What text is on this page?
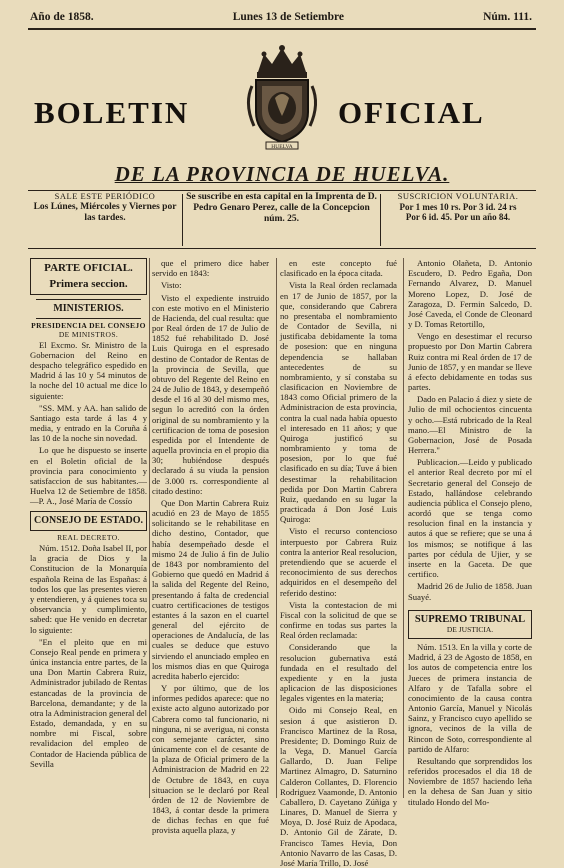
Año de 1858.	Lunes 13 de Setiembre	Núm. 111.
BOLETIN	OFICIAL
HUELVA
DE LA PROVINCIA DE HUELVA.
SALE ESTE PERIÓDICO
Los Lúnes, Miércoles y Viernes por las tardes.
Se suscribe en esta capital en la Imprenta de D. Pedro Genaro Perez, calle de la Concepcion núm. 25.
SUSCRICION VOLUNTARIA.
Por 1 mes 10 rs. Por 3 id. 24 rs
Por 6 id. 45. Por un año 84.
PARTE OFICIAL.
Primera seccion.
MINISTERIOS.
PRESIDENCIA DEL CONSEJO
DE MINISTROS.

El Excmo. Sr. Ministro de la Gobernacion del Reino en despacho telegráfico espedido en Madrid á las 10 y 54 minutos de la noche del 10 actual me dice lo siguiente:

"SS. MM. y AA. han salido de Santiago esta tarde á las 4 y media, y entrado en la Coruña á las 10 de la noche sin novedad.

Lo que he dispuesto se inserte en el Boletin oficial de la provincia para conocimiento y satisfaccion de sus habitantes.—Huelva 12 de Setiembre de 1858.—P. A., José María de Cossío

CONSEJO DE ESTADO.
REAL DECRETO.

Núm. 1512. Doña Isabel II, por la gracia de Dios y la Constitucion de la Monarquía española Reina de las Españas: á todos los que las presentes vieren y entendieren, y á quienes toca su observancia y cumplimiento, sabed: que He venido en decretar lo siguiente:

"En el pleito que en mi Consejo Real pende en primera y única instancia entre partes, de la una Don Martin Cabrera Ruiz, Administrador jubilado de Rentas estancadas de la provincia de Barcelona, demandante; y de la otra la Administracion general del Estado, demandada, y en su nombre mi Fiscal, sobre revalidacion del empleo de Contador de Hacienda pública de Sevilla

que el primero dice haber servido en 1843:

Visto:

Visto el expediente instruido con este motivo en el Ministerio de Hacienda, del cual resulta: que por Real órden de 17 de Julio de 1852 fué rehabilitado D. José Luis Quiroga en el espresado destino de Contador de Rentas de la provincia de Sevilla, que obtuvo del Regente del Reino en 24 de Julio de 1843, y desempeñó desde el 16 al 30 del mismo mes, segun lo acreditó con la órden original de su nombramiento y la certificacion de toma de posesion espedida por el Intendente de aquella provincia en el propio dia 30; hubiéndose después declarado á su viuda la pension de 3.000 rs. correspondiente al citado destino:

Que Don Martin Cabrera Ruiz acudió en 23 de Mayo de 1855 solicitando se le rehabilitase en dicho destino, Contador, que había desempeñado desde el mismo 24 de Julio á fin de Julio de 1843 por nombramiento del Gobierno que quedó en Madrid á la salida del Regente del Reino, presentando á falta de credencial cuatro certificaciones de testigos estantes á la sazon en el cuartel general del ejército de operaciones de Andalucía, de las cuales se deduce que estuvo sirviendo el anunciado empleo en los mismos dias en que Quiroga acredita haberlo ejercido:

Y por último, que de los informes pedidos aparece: que no existe acto alguno autorizado por Cabrera como tal funcionario, ni ninguna, ni se averigua, ni consta con semejante carácter, sino únicamente con el de cesante de la plaza de Oficial primero de la Administracion de Madrid en 22 de Octubre de 1843, en cuya situacion se le declaró por Real órden de 12 de Noviembre de 1843, á contar desde la primera de dichas fechas en que fué provista aquella plaza, y

en este concepto fué clasificado en la época citada.

Vista la Real órden reclamada en 17 de Junio de 1857, por la que, considerando que Cabrera no presentaba el nombramiento de Contador de Sevilla, ni justificaba debidamente la toma de posesion: que en ninguna dependencia se hallaban antecedentes de su nombramiento, y sí constaba su clasificacion en Noviembre de 1843 como Oficial primero de la Administracion de esta provincia, contra la cual nada había opuesto el interesado en 11 años; y que Quiroga justificó su nombramiento y toma de posesion, por lo que fué clasificado en su día; Tuve á bien desestimar la rehabilitacion pedida por Don Martin Cabrera Ruiz, quedando en su lugar la practicada á Don José Luis Quiroga:

Visto el recurso contencioso interpuesto por Cabrera Ruiz contra la anterior Real resolucion, pretendiendo que se acuerde el reconocimiento de sus derechos adquiridos en el desempeño del referido destino:

Vista la contestacion de mi Fiscal con la solicitud de que se confirme en todas sus partes la Real órden reclamada:

Considerando que la resolucion gubernativa está fundada en el resultado del expediente y en la justa aplicacion de las disposiciones legales vigentes en la materia;

Oido mi Consejo Real, en sesion á que asistieron D. Francisco Martinez de la Rosa, Presidente; D. Domingo Ruiz de la Vega, D. Manuel García Gallardo, D. Juan Felipe Martinez Almagro, D. Saturnino Calderon Collantes, D. Florencio Rodriguez Vaamonde, D. Antonio Caballero, D. Cayetano Zúñiga y Linares, D. Manuel de Sierra y Moya, D. José Ruiz de Apodaca, D. Antonio Gil de Zárate, D. Francisco Tames Hevia, Don Antonio Navarro de las Casas, D. José María Trillo, D. José

Antonio Olañeta, D. Antonio Escudero, D. Pedro Egaña, Don Fernando Alvarez, D. Manuel Moreno Lopez, D. José de Zaragoza, D. Fermin Salcedo, D. José Caveda, el Conde de Cleonard y D. Tomas Retortillo,

Vengo en desestimar el recurso propuesto por Don Martin Cabrera Ruiz contra mi Real órden de 17 de Junio de 1857, y en mandar se lleve á efecto debidamente en todas sus partes.

Dado en Palacio á diez y siete de Julio de mil ochocientos cincuenta y ocho.—Está rubricado de la Real mano.—El Ministro de la Gobernacion, José de Posada Herrera."

Publicacion.—Leido y publicado el anterior Real decreto por mí el Secretario general del Consejo de Estado, hallándose celebrando audiencia pública el Consejo pleno, acordó que se tenga como resolucion final en la instancia y autos á que se refiere; que se una á los mismos; se notifique á las partes por cédula de Ujier, y se inserte en la Gaceta. De que certifico.

Madrid 26 de Julio de 1858. Juan Suayé.

SUPREMO TRIBUNAL
DE JUSTICIA.

Núm. 1513. En la villa y corte de Madrid, á 23 de Agosto de 1858, en los autos de competencia entre los Jueces de primera instancia de Alfaro y de Tafalla sobre el conocimiento de la causa contra Antonio García, Manuel y Nicolás Sainz, y Francisco cuyo apellido se ignora, vecinos de la villa de Rincon de Soto, correspondiente al partido de Alfaro:

Resultando que sorprendidos los referidos procesados el dia 18 de Noviembre de 1857 haciendo leña en la dehesa de San Juan y sitio titulado Hondo del Mo-
